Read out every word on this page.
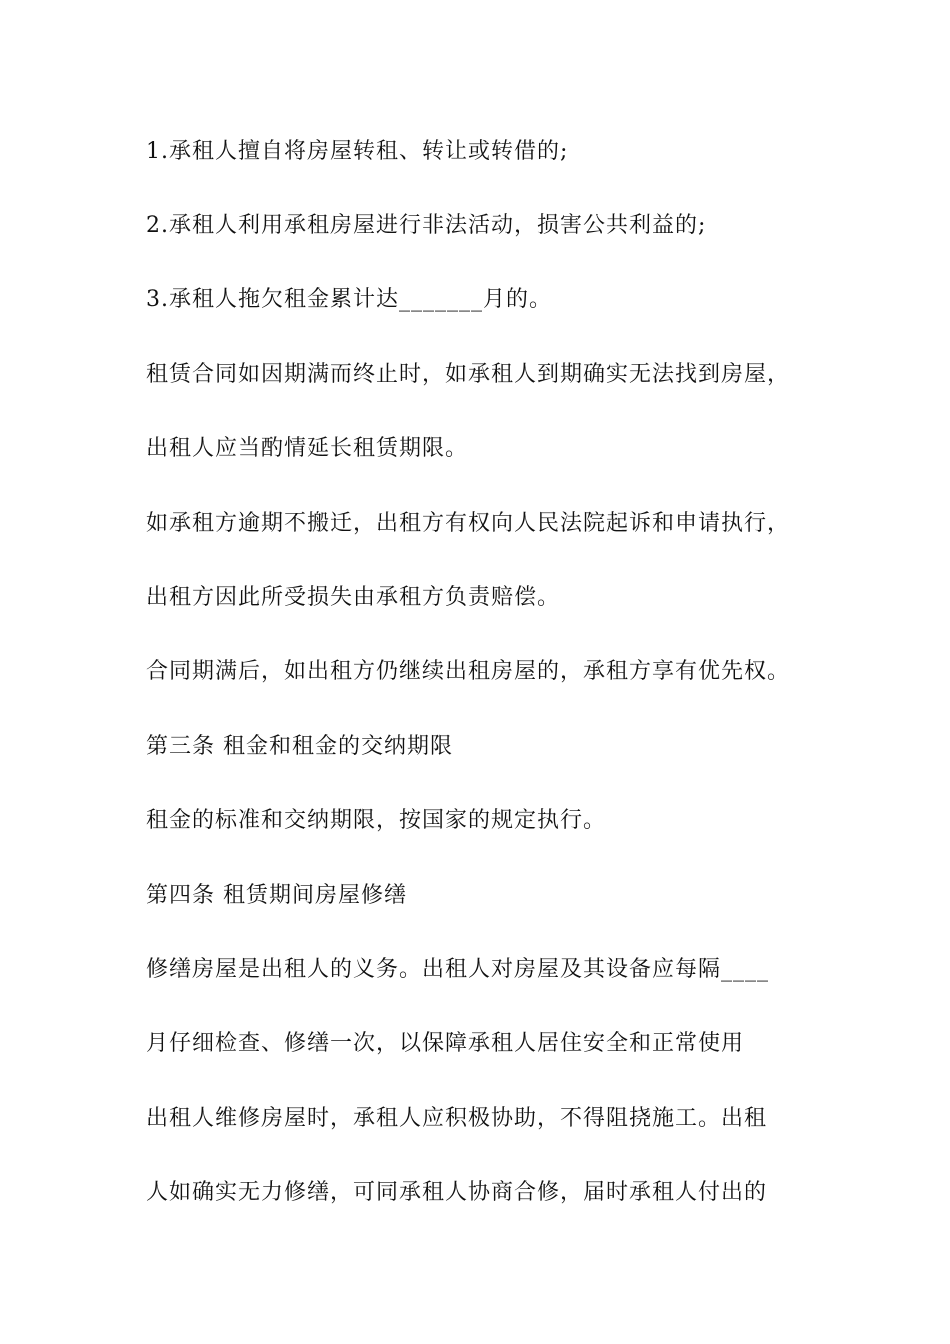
1.承租人擅自将房屋转租、转让或转借的;

2.承租人利用承租房屋进行非法活动，损害公共利益的;

3.承租人拖欠租金累计达_______月的。

租赁合同如因期满而终止时，如承租人到期确实无法找到房屋，

出租人应当酌情延长租赁期限。

如承租方逾期不搬迁，出租方有权向人民法院起诉和申请执行，

出租方因此所受损失由承租方负责赔偿。

合同期满后，如出租方仍继续出租房屋的，承租方享有优先权。

第三条 租金和租金的交纳期限

租金的标准和交纳期限，按国家的规定执行。

第四条 租赁期间房屋修缮

修缮房屋是出租人的义务。出租人对房屋及其设备应每隔____

月仔细检查、修缮一次，以保障承租人居住安全和正常使用

出租人维修房屋时，承租人应积极协助，不得阻挠施工。出租

人如确实无力修缮，可同承租人协商合修，届时承租人付出的
